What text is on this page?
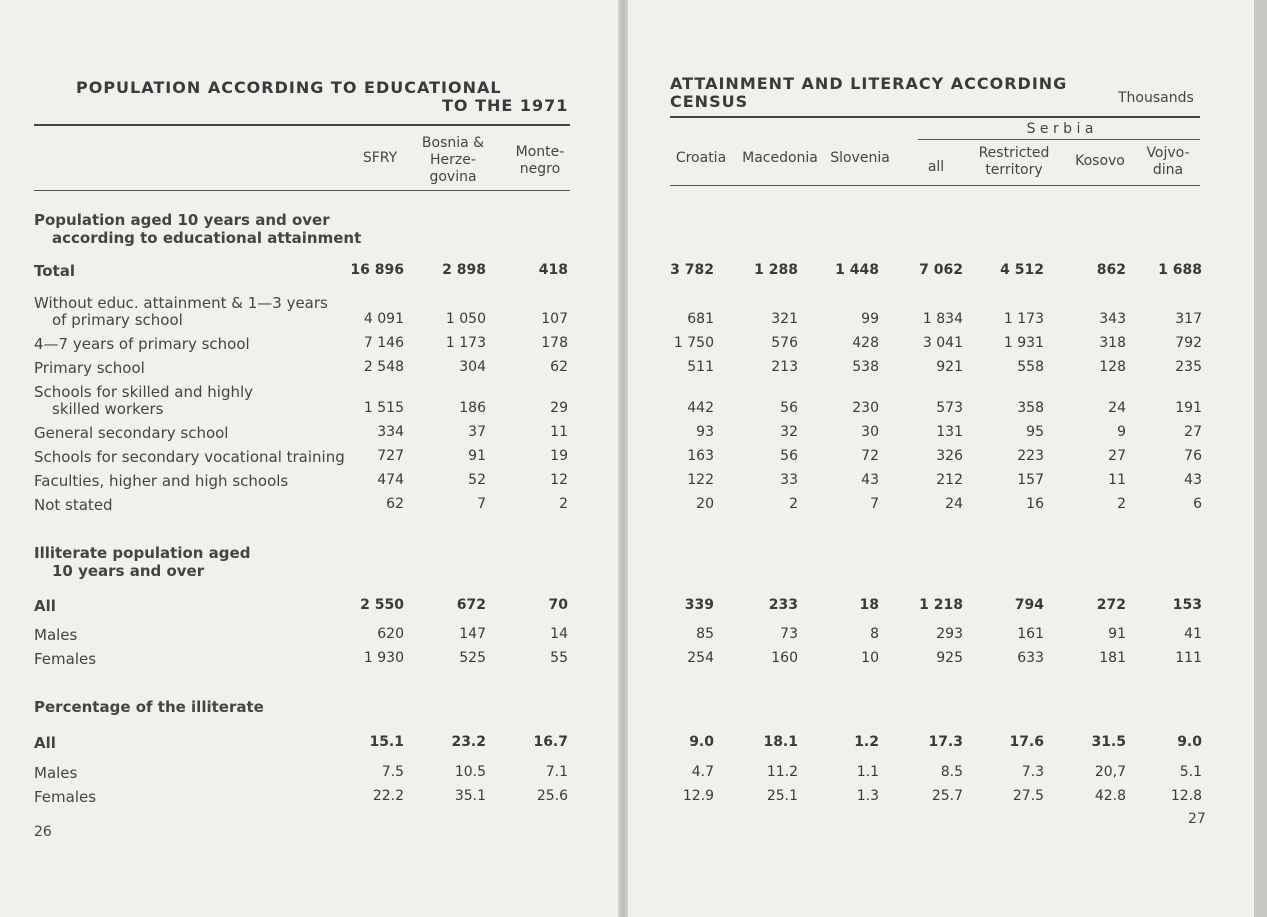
POPULATION ACCORDING TO EDUCATIONAL
TO THE 1971
SFRY
Bosnia &
Herze-
govina
Monte-
negro
Population aged 10 years and over
according to educational attainment
Total	16 896	2 898	418
Without educ. attainment & 1—3 years
of primary school	4 091	1 050	107
4—7 years of primary school	7 146	1 173	178
Primary school	2 548	304	62
Schools for skilled and highly
skilled workers	1 515	186	29
General secondary school	334	37	11
Schools for secondary vocational training	727	91	19
Faculties, higher and high schools	474	52	12
Not stated	62	7	2
Illiterate population aged
10 years and over
All	2 550	672	70
Males	620	147	14
Females	1 930	525	55
Percentage of the illiterate
All	15.1	23.2	16.7
Males	7.5	10.5	7.1
Females	22.2	35.1	25.6
26
ATTAINMENT AND LITERACY ACCORDING
CENSUS	Thousands
S e r b i a
Croatia	Macedonia Slovenia
all
Restricted
territory
Kosovo	Vojvo-
dina
3 782	1 288	1 448	7 062	4 512	862	1 688
681	321	99	1 834	1 173	343	317
1 750	576	428	3 041	1 931	318	792
511	213	538	921	558	128	235
442	56	230	573	358	24	191
93	32	30	131	95	9	27
163	56	72	326	223	27	76
122	33	43	212	157	11	43
20	2	7	24	16	2	6
339	233	18	1 218	794	272	153
85	73	8	293	161	91	41
254	160	10	925	633	181	111
9.0	18.1	1.2	17.3	17.6	31.5	9.0
4.7	11.2	1.1	8.5	7.3	20,7	5.1
12.9	25.1	1.3	25.7	27.5	42.8	12.8
27
